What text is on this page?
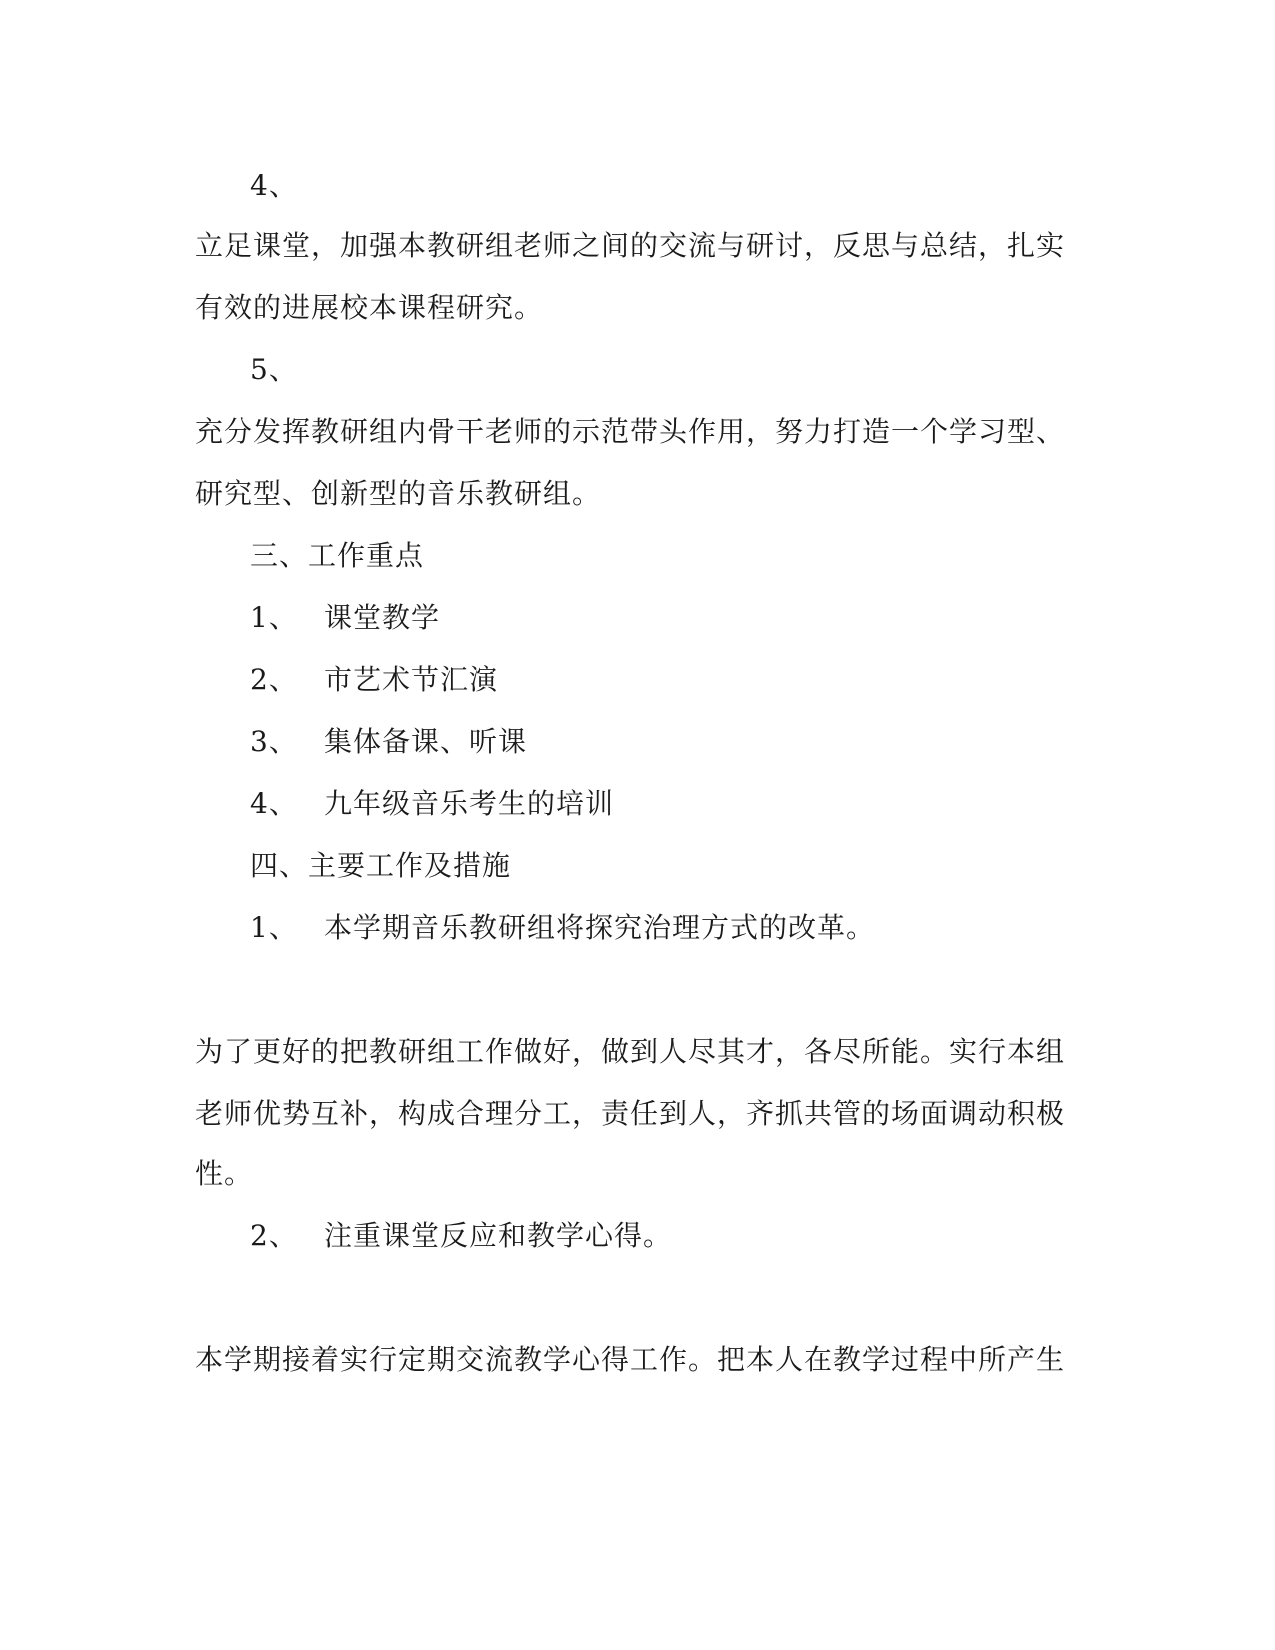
4、
立足课堂，加强本教研组老师之间的交流与研讨，反思与总结，扎实
有效的进展校本课程研究。
5、
充分发挥教研组内骨干老师的示范带头作用，努力打造一个学习型、
研究型、创新型的音乐教研组。
三、工作重点
1、 课堂教学
2、 市艺术节汇演
3、 集体备课、听课
4、 九年级音乐考生的培训
四、主要工作及措施
1、 本学期音乐教研组将探究治理方式的改革。
为了更好的把教研组工作做好，做到人尽其才，各尽所能。实行本组
老师优势互补，构成合理分工，责任到人，齐抓共管的场面调动积极
性。
2、 注重课堂反应和教学心得。
本学期接着实行定期交流教学心得工作。把本人在教学过程中所产生
